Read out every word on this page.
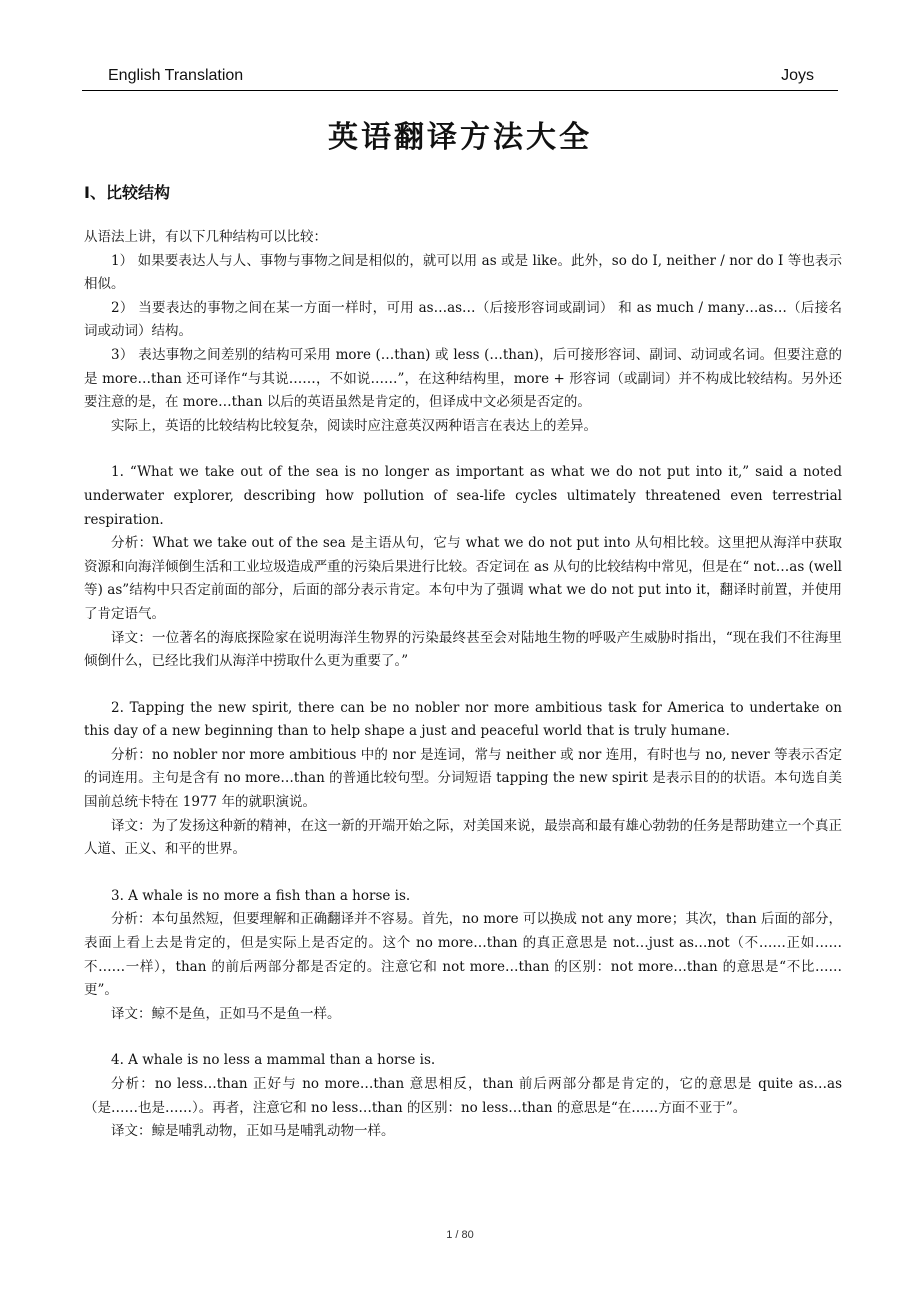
English Translation	Joys
英语翻译方法大全
I、比较结构

从语法上讲，有以下几种结构可以比较：

1） 如果要表达人与人、事物与事物之间是相似的，就可以用 as 或是 like。此外，so do I, neither / nor do I 等也表示相似。

2） 当要表达的事物之间在某一方面一样时，可用 as…as…（后接形容词或副词） 和 as much / many…as…（后接名词或动词）结构。

3） 表达事物之间差别的结构可采用 more (…than) 或 less (…than)，后可接形容词、副词、动词或名词。但要注意的是 more…than 还可译作“与其说……，不如说……”，在这种结构里，more + 形容词（或副词）并不构成比较结构。另外还要注意的是，在 more…than 以后的英语虽然是肯定的，但译成中文必须是否定的。

实际上，英语的比较结构比较复杂，阅读时应注意英汉两种语言在表达上的差异。

1. “What we take out of the sea is no longer as important as what we do not put into it,” said a noted underwater explorer, describing how pollution of sea-life cycles ultimately threatened even terrestrial respiration.

分析：What we take out of the sea 是主语从句，它与 what we do not put into 从句相比较。这里把从海洋中获取资源和向海洋倾倒生活和工业垃圾造成严重的污染后果进行比较。否定词在 as 从句的比较结构中常见，但是在“ not…as (well 等) as”结构中只否定前面的部分，后面的部分表示肯定。本句中为了强调 what we do not put into it，翻译时前置，并使用了肯定语气。

译文：一位著名的海底探险家在说明海洋生物界的污染最终甚至会对陆地生物的呼吸产生威胁时指出，“现在我们不往海里倾倒什么，已经比我们从海洋中捞取什么更为重要了。”

2. Tapping the new spirit, there can be no nobler nor more ambitious task for America to undertake on this day of a new beginning than to help shape a just and peaceful world that is truly humane.

分析：no nobler nor more ambitious 中的 nor 是连词，常与 neither 或 nor 连用，有时也与 no, never 等表示否定的词连用。主句是含有 no more…than 的普通比较句型。分词短语 tapping the new spirit 是表示目的的状语。本句选自美国前总统卡特在 1977 年的就职演说。

译文：为了发扬这种新的精神，在这一新的开端开始之际，对美国来说，最崇高和最有雄心勃勃的任务是帮助建立一个真正人道、正义、和平的世界。

3. A whale is no more a fish than a horse is.

分析：本句虽然短，但要理解和正确翻译并不容易。首先，no more 可以换成 not any more；其次，than 后面的部分，表面上看上去是肯定的，但是实际上是否定的。这个 no more…than 的真正意思是 not…just as…not（不……正如……不……一样），than 的前后两部分都是否定的。注意它和 not more…than 的区别：not more…than 的意思是“不比……更”。

译文：鲸不是鱼，正如马不是鱼一样。

4. A whale is no less a mammal than a horse is.

分析：no less…than 正好与 no more…than 意思相反，than 前后两部分都是肯定的，它的意思是 quite as…as （是……也是……）。再者，注意它和 no less…than 的区别：no less…than 的意思是“在……方面不亚于”。

译文：鲸是哺乳动物，正如马是哺乳动物一样。

1 / 80
